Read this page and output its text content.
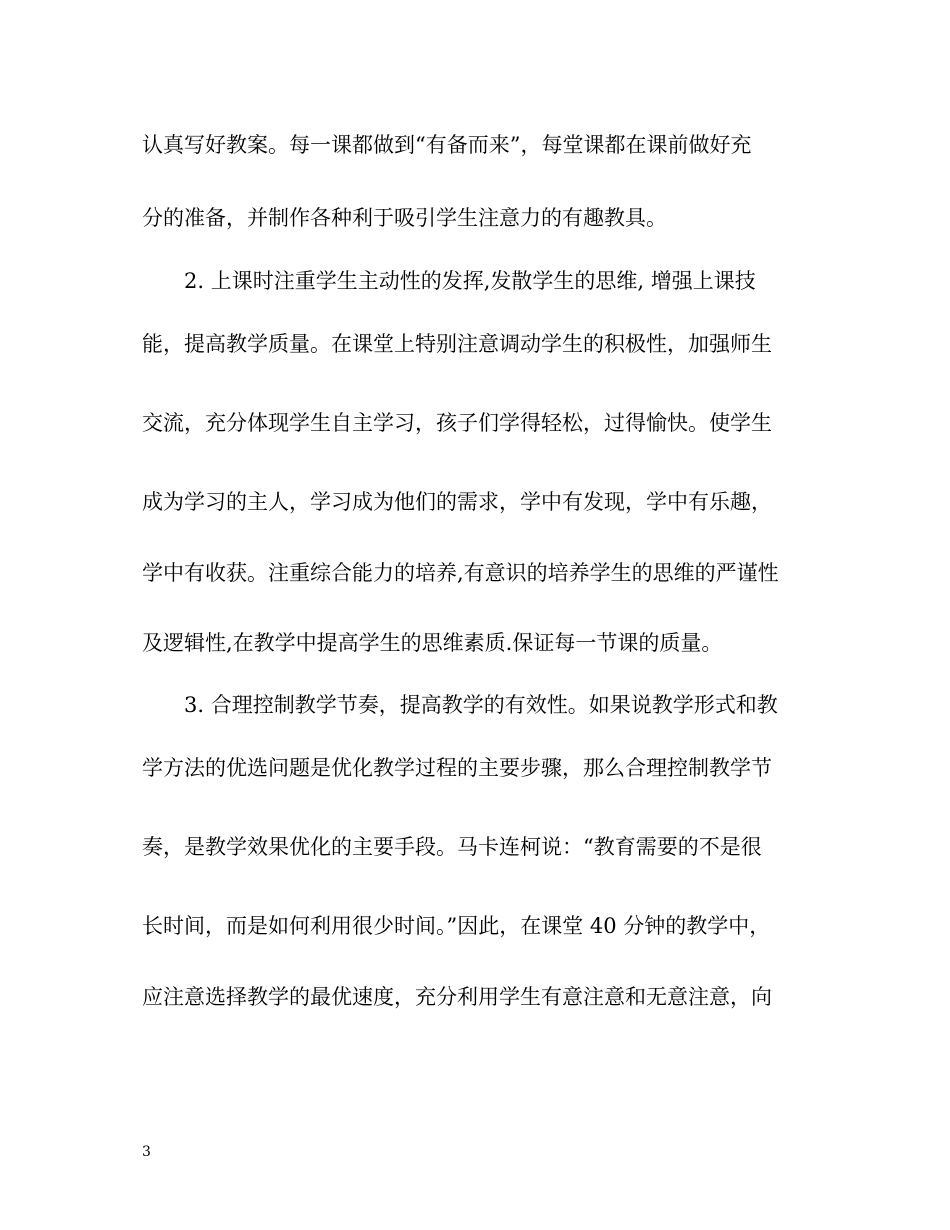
认真写好教案。每一课都做到“有备而来”，每堂课都在课前做好充
分的准备，并制作各种利于吸引学生注意力的有趣教具。
2. 上课时注重学生主动性的发挥,发散学生的思维, 增强上课技
能，提高教学质量。在课堂上特别注意调动学生的积极性，加强师生
交流，充分体现学生自主学习，孩子们学得轻松，过得愉快。使学生
成为学习的主人，学习成为他们的需求，学中有发现，学中有乐趣，
学中有收获。注重综合能力的培养,有意识的培养学生的思维的严谨性
及逻辑性,在教学中提高学生的思维素质.保证每一节课的质量。
3. 合理控制教学节奏，提高教学的有效性。如果说教学形式和教
学方法的优选问题是优化教学过程的主要步骤，那么合理控制教学节
奏，是教学效果优化的主要手段。马卡连柯说：“教育需要的不是很
长时间，而是如何利用很少时间。”因此，在课堂 40 分钟的教学中，
应注意选择教学的最优速度，充分利用学生有意注意和无意注意，向
3
